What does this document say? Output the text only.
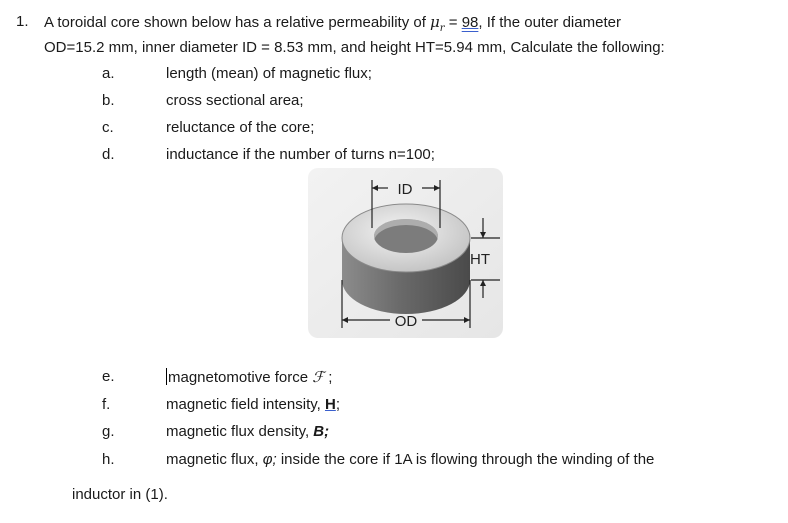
1. A toroidal core shown below has a relative permeability of $\mu_r = 98$, If the outer diameter
OD=15.2 mm, inner diameter ID = 8.53 mm, and height HT=5.94 mm, Calculate the following:
a.	length (mean) of magnetic flux;
b.	cross sectional area;
c.	reluctance of the core;
d.	inductance if the number of turns n=100;
ID
HT
OD
e.	magnetomotive force ℱ ;
f.	magnetic field intensity, H;
g.	magnetic flux density, B;
h.	magnetic flux, φ; inside the core if 1A is flowing through the winding of the
inductor in (1).
